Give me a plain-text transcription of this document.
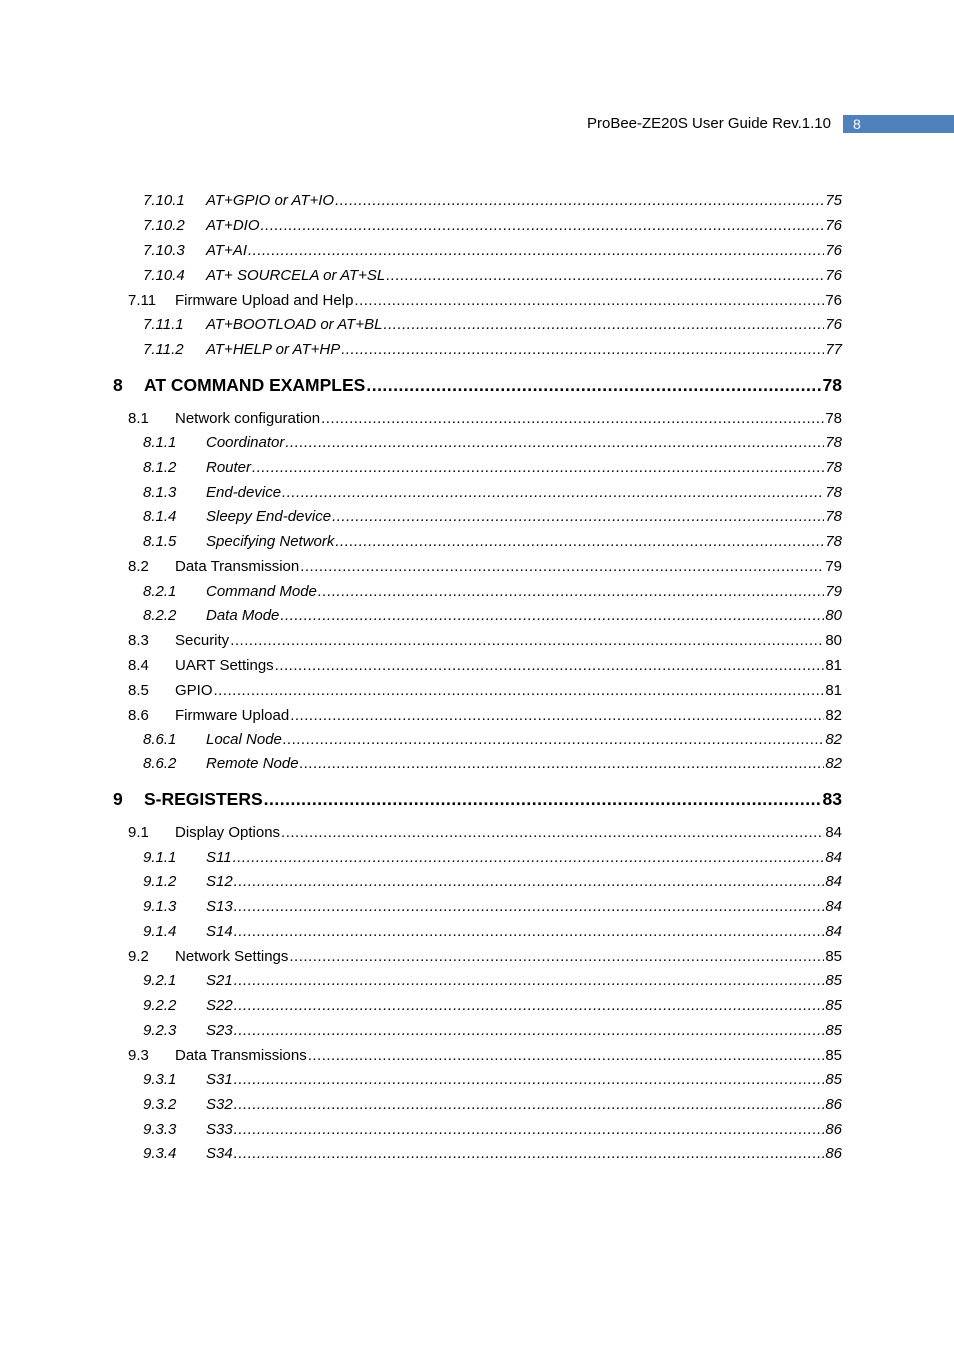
ProBee-ZE20S User Guide Rev.1.10	8
7.10.1	AT+GPIO or AT+IO .....	75
7.10.2	AT+DIO .....	76
7.10.3	AT+AI .....	76
7.10.4	AT+ SOURCELA or AT+SL .....	76
7.11	Firmware Upload and Help .....	76
7.11.1	AT+BOOTLOAD or AT+BL .....	76
7.11.2	AT+HELP or AT+HP .....	77
8	AT COMMAND EXAMPLES .....	78
8.1	Network configuration .....	78
8.1.1	Coordinator .....	78
8.1.2	Router .....	78
8.1.3	End-device .....	78
8.1.4	Sleepy End-device .....	78
8.1.5	Specifying Network .....	78
8.2	Data Transmission .....	79
8.2.1	Command Mode .....	79
8.2.2	Data Mode .....	80
8.3	Security .....	80
8.4	UART Settings .....	81
8.5	GPIO .....	81
8.6	Firmware Upload .....	82
8.6.1	Local Node .....	82
8.6.2	Remote Node .....	82
9	S-REGISTERS .....	83
9.1	Display Options .....	84
9.1.1	S11 .....	84
9.1.2	S12 .....	84
9.1.3	S13 .....	84
9.1.4	S14 .....	84
9.2	Network Settings .....	85
9.2.1	S21 .....	85
9.2.2	S22 .....	85
9.2.3	S23 .....	85
9.3	Data Transmissions .....	85
9.3.1	S31 .....	85
9.3.2	S32 .....	86
9.3.3	S33 .....	86
9.3.4	S34 .....	86
